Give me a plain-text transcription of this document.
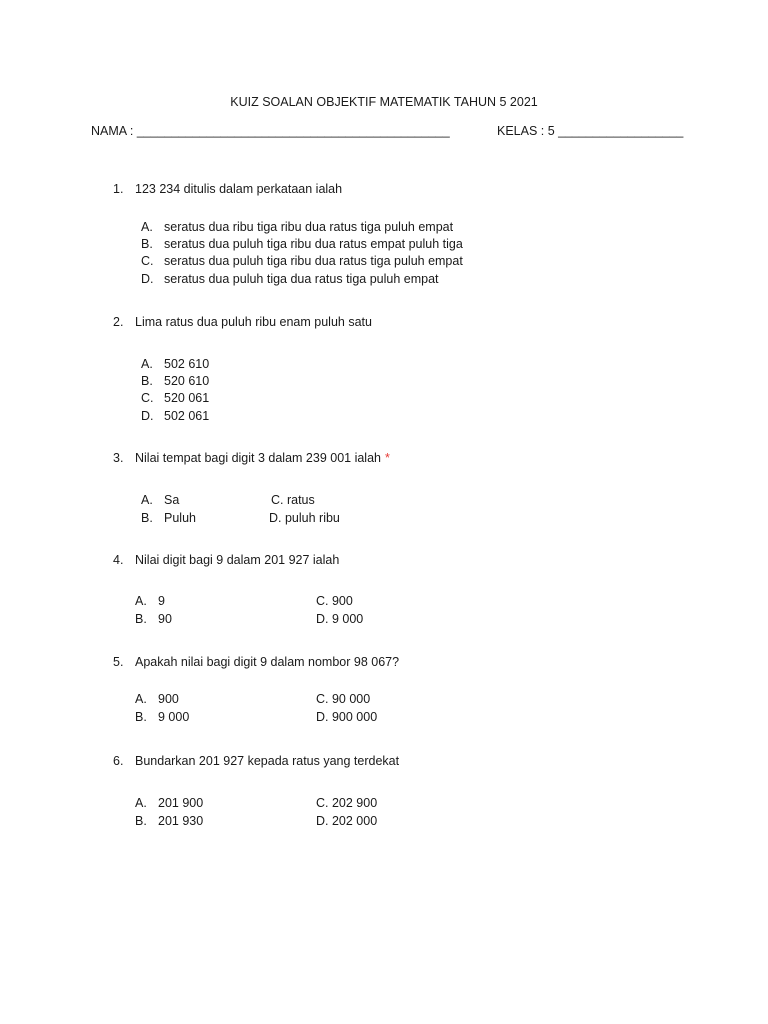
KUIZ SOALAN OBJEKTIF MATEMATIK TAHUN 5 2021
NAMA : _____________________________________________	KELAS : 5 __________________
1. 123 234 ditulis dalam perkataan ialah
A. seratus dua ribu tiga ribu dua ratus tiga puluh empat
B. seratus dua puluh tiga ribu dua ratus empat puluh tiga
C. seratus dua puluh tiga ribu dua ratus tiga puluh empat
D. seratus dua puluh tiga dua ratus tiga puluh empat
2. Lima ratus dua puluh ribu enam puluh satu
A. 502 610
B. 520 610
C. 520 061
D. 502 061
3. Nilai tempat bagi digit 3 dalam 239 001 ialah *
A. Sa
B. Puluh
C. ratus
D. puluh ribu
4. Nilai digit bagi 9 dalam 201 927 ialah
A. 9
B. 90
C. 900
D. 9 000
5. Apakah nilai bagi digit 9 dalam nombor 98 067?
A. 900
B. 9 000
C. 90 000
D. 900 000
6. Bundarkan 201 927 kepada ratus yang terdekat
A. 201 900
B. 201 930
C. 202 900
D. 202 000
